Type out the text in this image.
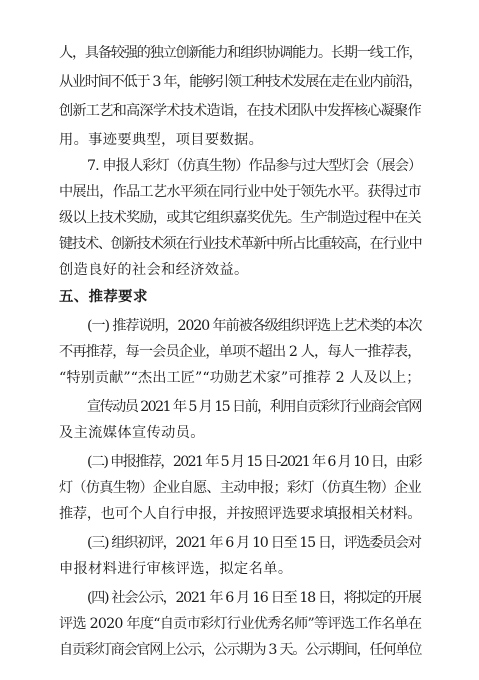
人，具备较强的独立创新能力和组织协调能力。长期一线工作，
从业时间不低于 3 年，能够引领工种技术发展在走在业内前沿，
创新工艺和高深学术技术造诣，在技术团队中发挥核心凝聚作
用。事迹要典型，项目要数据。
7. 申报人彩灯（仿真生物）作品参与过大型灯会（展会）
中展出，作品工艺水平须在同行业中处于领先水平。获得过市
级以上技术奖励，或其它组织嘉奖优先。生产制造过程中在关
键技术、创新技术须在行业技术革新中所占比重较高，在行业中
创造良好的社会和经济效益。
五、推荐要求
(一) 推荐说明，2020 年前被各级组织评选上艺术类的本次
不再推荐，每一会员企业，单项不超出 2 人，每人一推荐表，
“特别贡献”“杰出工匠”“功勋艺术家”可推荐 2 人及以上；
宣传动员 2021 年 5 月 15 日前，利用自贡彩灯行业商会官网
及主流媒体宣传动员。
(二) 申报推荐，2021 年 5 月 15 日-2021 年 6 月 10 日，由彩
灯（仿真生物）企业自愿、主动申报；彩灯（仿真生物）企业
推荐，也可个人自行申报，并按照评选要求填报相关材料。
(三) 组织初评，2021 年 6 月 10 日至 15 日，评选委员会对
申报材料进行审核评选，拟定名单。
(四) 社会公示，2021 年 6 月 16 日至 18 日，将拟定的开展
评选 2020 年度“自贡市彩灯行业优秀名师”等评选工作名单在
自贡彩灯商会官网上公示，公示期为 3 天。公示期间，任何单位
